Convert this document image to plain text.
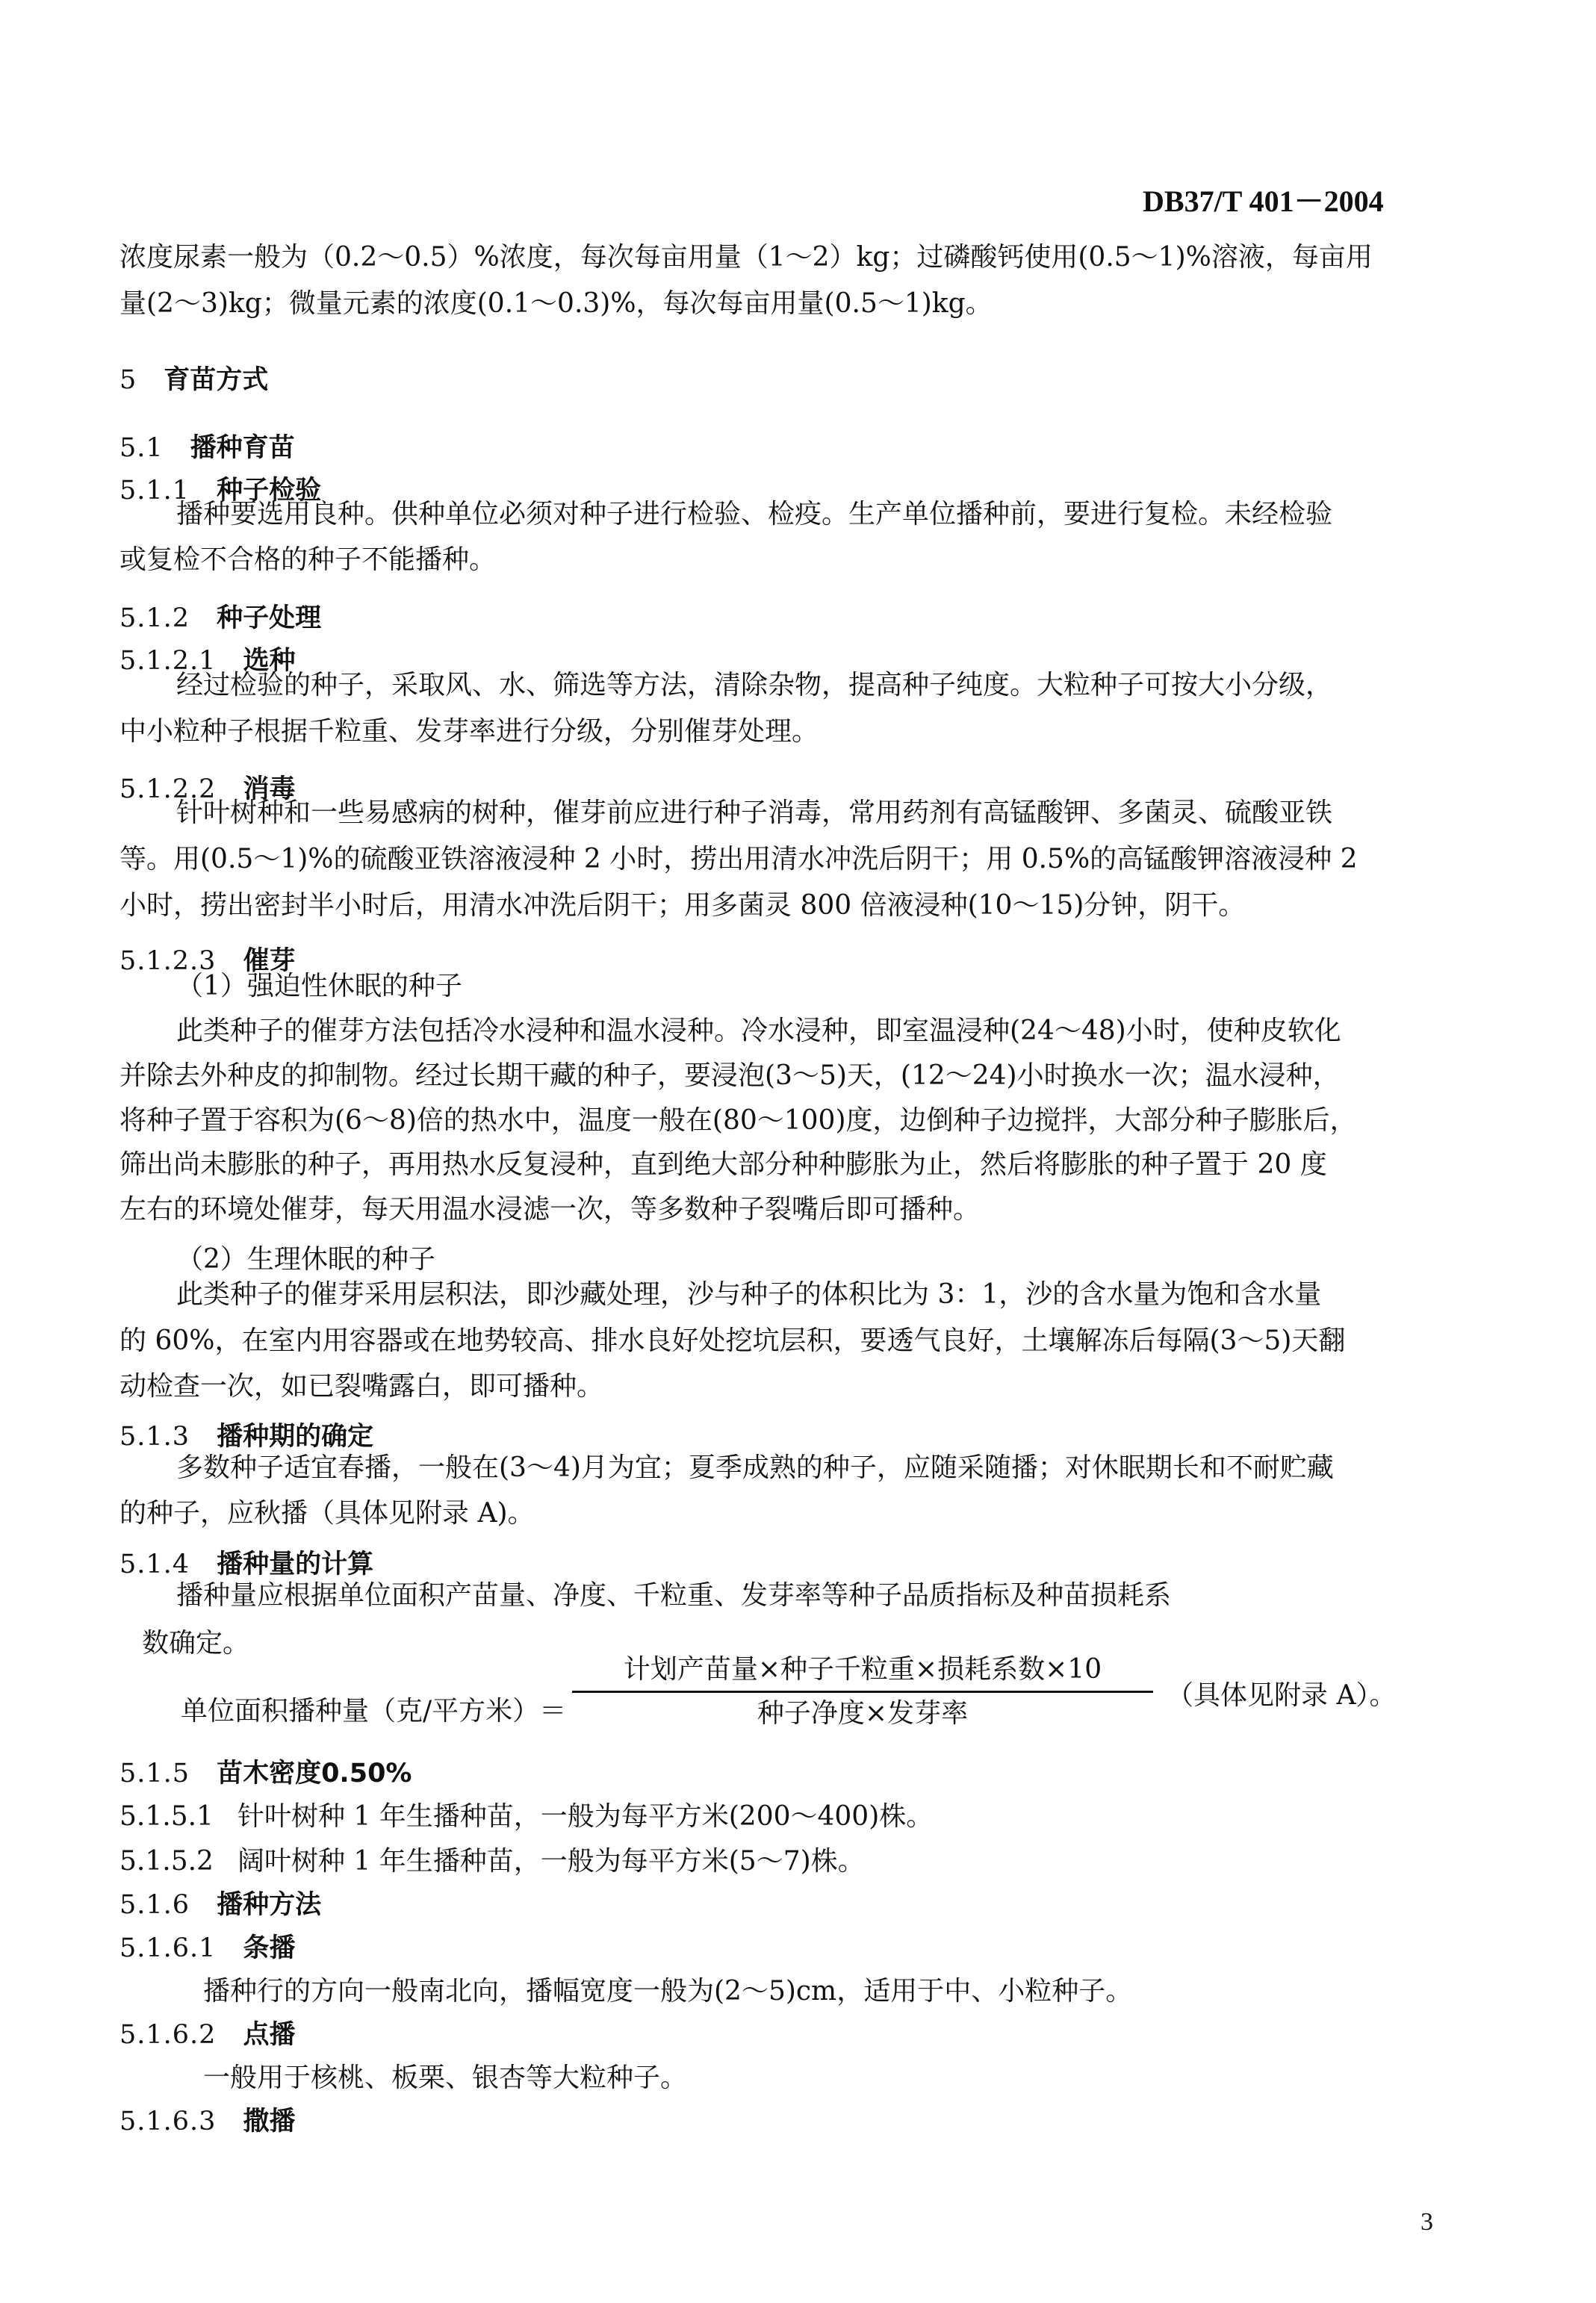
DB37/T 401－2004
浓度尿素一般为（0.2～0.5）%浓度，每次每亩用量（1～2）kg；过磷酸钙使用(0.5～1)%溶液，每亩用
量(2～3)kg；微量元素的浓度(0.1～0.3)%，每次每亩用量(0.5～1)kg。
5 育苗方式
5.1 播种育苗
5.1.1 种子检验
播种要选用良种。供种单位必须对种子进行检验、检疫。生产单位播种前，要进行复检。未经检验
或复检不合格的种子不能播种。
5.1.2 种子处理
5.1.2.1 选种
经过检验的种子，采取风、水、筛选等方法，清除杂物，提高种子纯度。大粒种子可按大小分级，
中小粒种子根据千粒重、发芽率进行分级，分别催芽处理。
5.1.2.2 消毒
针叶树种和一些易感病的树种，催芽前应进行种子消毒，常用药剂有高锰酸钾、多菌灵、硫酸亚铁
等。用(0.5～1)%的硫酸亚铁溶液浸种 2 小时，捞出用清水冲洗后阴干；用 0.5%的高锰酸钾溶液浸种 2
小时，捞出密封半小时后，用清水冲洗后阴干；用多菌灵 800 倍液浸种(10～15)分钟，阴干。
5.1.2.3 催芽
（1）强迫性休眠的种子
此类种子的催芽方法包括冷水浸种和温水浸种。冷水浸种，即室温浸种(24～48)小时，使种皮软化
并除去外种皮的抑制物。经过长期干藏的种子，要浸泡(3～5)天，(12～24)小时换水一次；温水浸种，
将种子置于容积为(6～8)倍的热水中，温度一般在(80～100)度，边倒种子边搅拌，大部分种子膨胀后，
筛出尚未膨胀的种子，再用热水反复浸种，直到绝大部分种种膨胀为止，然后将膨胀的种子置于 20 度
左右的环境处催芽，每天用温水浸滤一次，等多数种子裂嘴后即可播种。
（2）生理休眠的种子
此类种子的催芽采用层积法，即沙藏处理，沙与种子的体积比为 3：1，沙的含水量为饱和含水量
的 60%，在室内用容器或在地势较高、排水良好处挖坑层积，要透气良好，土壤解冻后每隔(3～5)天翻
动检查一次，如已裂嘴露白，即可播种。
5.1.3 播种期的确定
多数种子适宜春播，一般在(3～4)月为宜；夏季成熟的种子，应随采随播；对休眠期长和不耐贮藏
的种子，应秋播（具体见附录 A)。
5.1.4 播种量的计算
播种量应根据单位面积产苗量、净度、千粒重、发芽率等种子品质指标及种苗损耗系
数确定。
单位面积播种量（克/平方米）＝
计划产苗量×种子千粒重×损耗系数×10
种子净度×发芽率
（具体见附录 A）。
5.1.5 苗木密度0.50%
5.1.5.1 针叶树种 1 年生播种苗，一般为每平方米(200～400)株。
5.1.5.2 阔叶树种 1 年生播种苗，一般为每平方米(5～7)株。
5.1.6 播种方法
5.1.6.1 条播
播种行的方向一般南北向，播幅宽度一般为(2～5)cm，适用于中、小粒种子。
5.1.6.2 点播
一般用于核桃、板栗、银杏等大粒种子。
5.1.6.3 撒播
3
